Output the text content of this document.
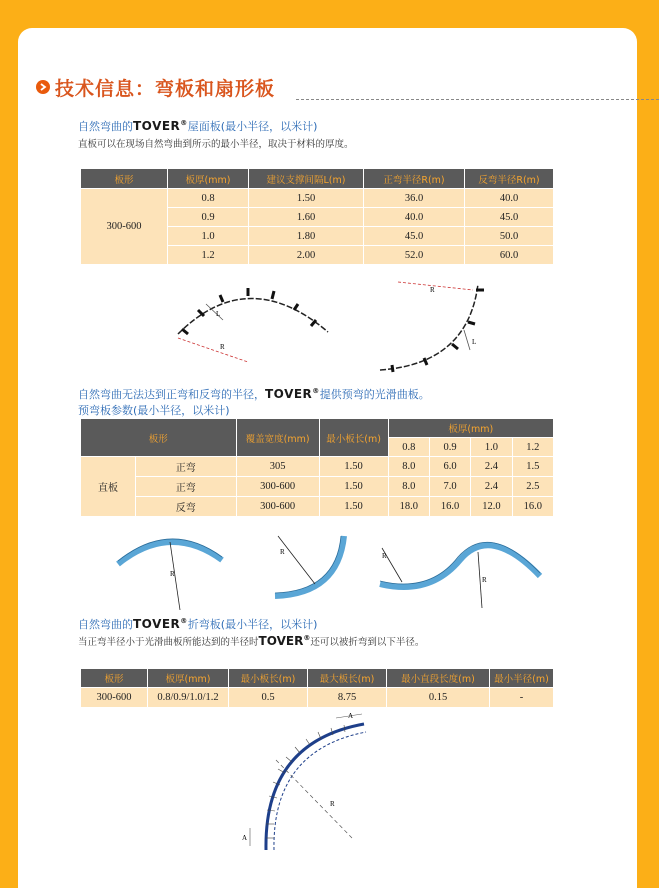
技术信息：弯板和扇形板
自然弯曲的TOVER®屋面板(最小半径，以米计)
直板可以在现场自然弯曲到所示的最小半径，取决于材料的厚度。
板形	板厚(mm)	建议支撑间隔L(m)	正弯半径R(m)	反弯半径R(m)
300-600	0.8	1.50	36.0	40.0
	0.9	1.60	40.0	45.0
	1.0	1.80	45.0	50.0
	1.2	2.00	52.0	60.0
L
R
R
L
自然弯曲无法达到正弯和反弯的半径，TOVER®提供预弯的光滑曲板。
预弯板参数(最小半径，以米计)
板形		覆盖宽度(mm)	最小板长(m)	板厚(mm)			
				0.8	0.9	1.0	1.2
直板	正弯	305	1.50	8.0	6.0	2.4	1.5
	正弯	300-600	1.50	8.0	7.0	2.4	2.5
	反弯	300-600	1.50	18.0	16.0	12.0	16.0
R
R	R
R
自然弯曲的TOVER®折弯板(最小半径，以米计)
当正弯半径小于光滑曲板所能达到的半径时TOVER®还可以被折弯到以下半径。
板形	板厚(mm)	最小板长(m)	最大板长(m)	最小直段长度(m)	最小半径(m)
300-600	0.8/0.9/1.0/1.2	0.5	8.75	0.15	-
R
A
A
